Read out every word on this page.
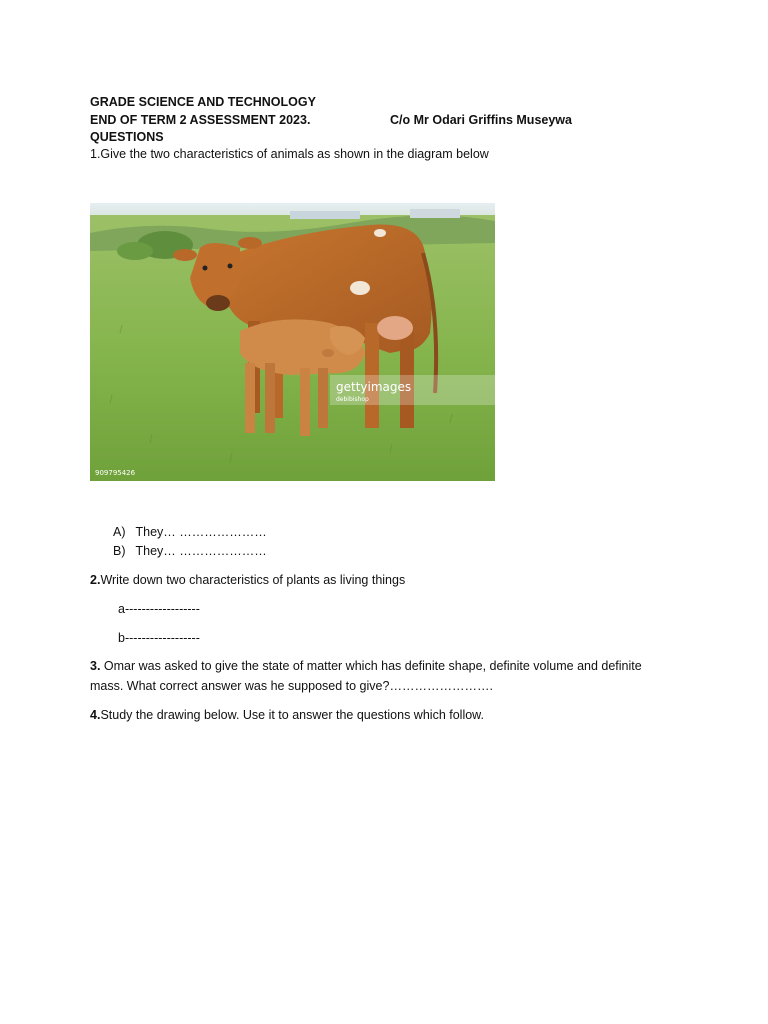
GRADE SCIENCE AND TECHNOLOGY
END OF TERM 2 ASSESSMENT 2023.	C/o Mr Odari Griffins Museywa
QUESTIONS
1.Give the two characteristics of animals as shown in the diagram below
gettyimages
debibishop
909795426
A) They… …………………
B) They… …………………
2.Write down two characteristics of plants as living things
a------------------
b------------------
3. Omar was asked to give the state of matter which has definite shape, definite volume and definite
mass. What correct answer was he supposed to give?…………………….
4.Study the drawing below. Use it to answer the questions which follow.
